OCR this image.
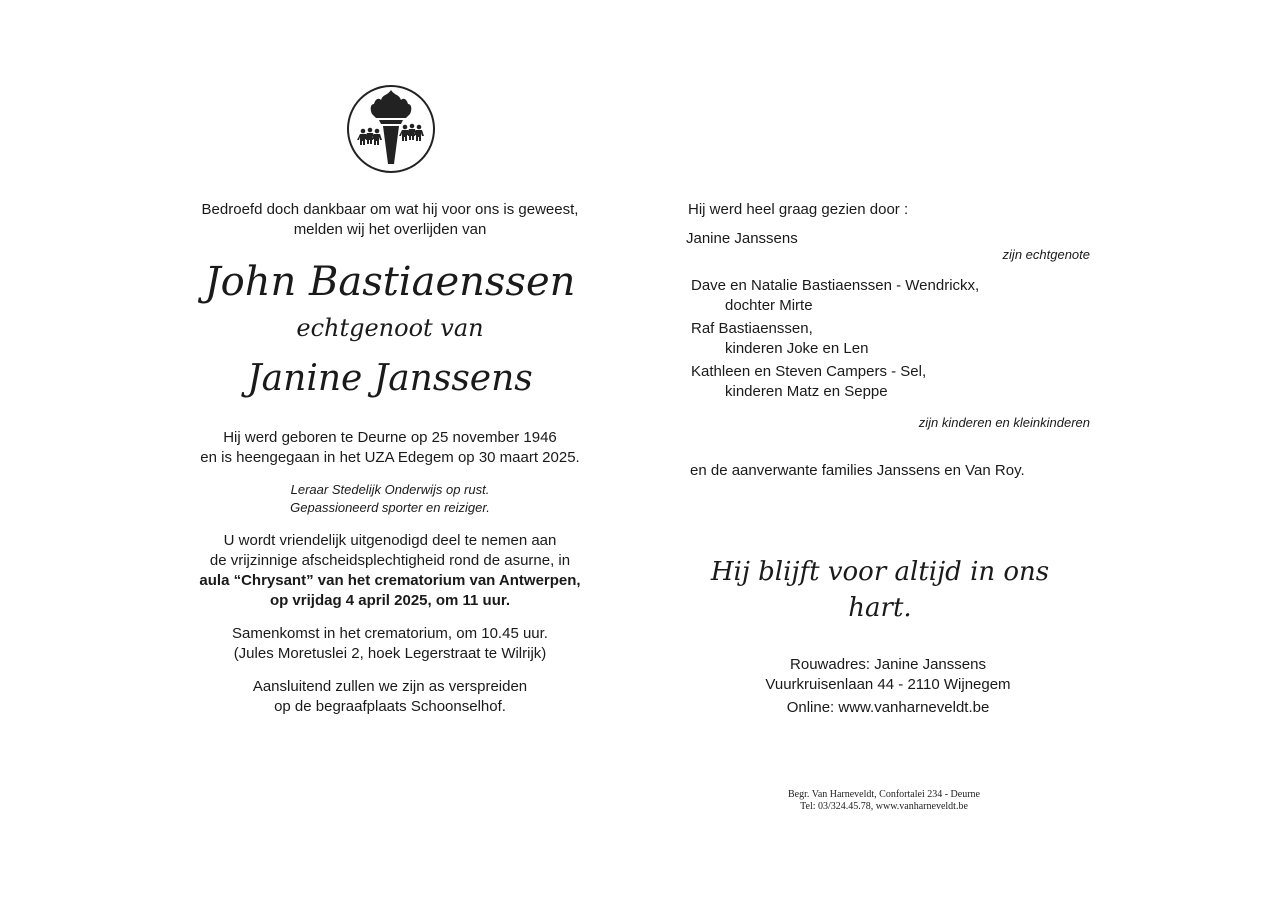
Bedroefd doch dankbaar om wat hij voor ons is geweest,
melden wij het overlijden van
John Bastiaenssen
echtgenoot van
Janine Janssens
Hij werd geboren te Deurne op 25 november 1946
en is heengegaan in het UZA Edegem op 30 maart 2025.
Leraar Stedelijk Onderwijs op rust.
Gepassioneerd sporter en reiziger.
U wordt vriendelijk uitgenodigd deel te nemen aan
de vrijzinnige afscheidsplechtigheid rond de asurne, in
aula “Chrysant” van het crematorium van Antwerpen,
op vrijdag 4 april 2025, om 11 uur.
Samenkomst in het crematorium, om 10.45 uur.
(Jules Moretuslei 2, hoek Legerstraat te Wilrijk)
Aansluitend zullen we zijn as verspreiden
op de begraafplaats Schoonselhof.
Hij werd heel graag gezien door :
Janine Janssens
zijn echtgenote
Dave en Natalie Bastiaenssen - Wendrickx,
dochter Mirte
Raf Bastiaenssen,
kinderen Joke en Len
Kathleen en Steven Campers - Sel,
kinderen Matz en Seppe
zijn kinderen en kleinkinderen
en de aanverwante families Janssens en Van Roy.
Hij blijft voor altijd in ons hart.
Rouwadres: Janine Janssens
Vuurkruisenlaan 44 - 2110 Wijnegem
Online: www.vanharneveldt.be
Begr. Van Harneveldt, Confortalei 234 - Deurne
Tel: 03/324.45.78, www.vanharneveldt.be
